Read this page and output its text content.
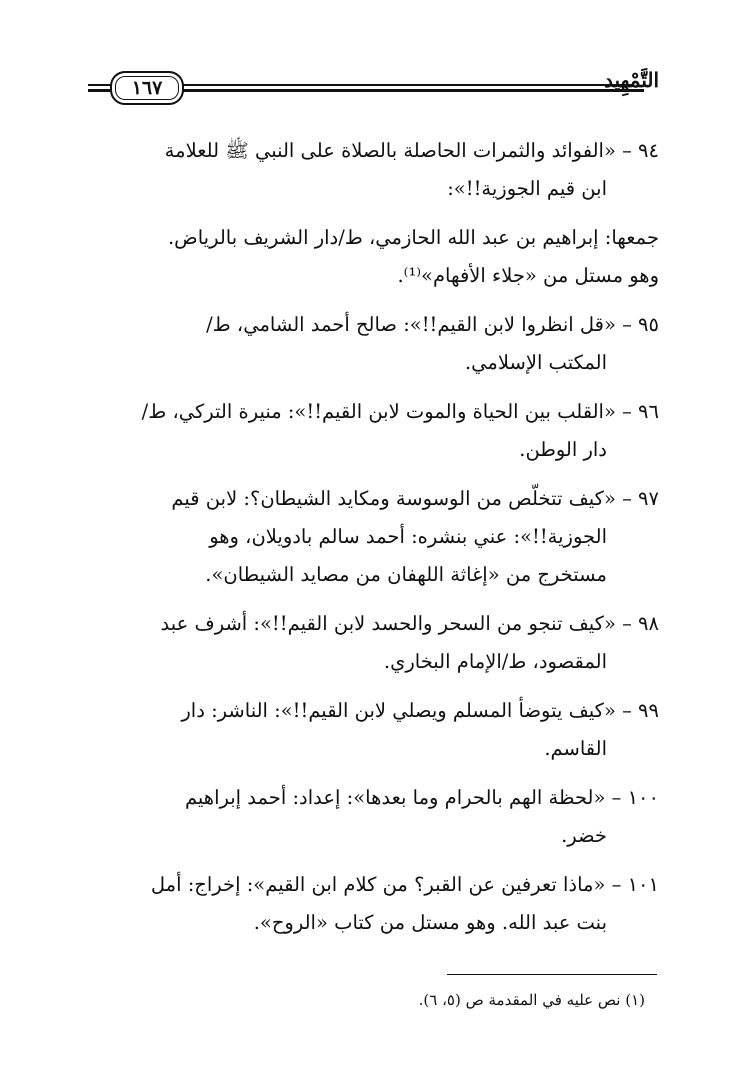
التَّمْهِيد
١٦٧
٩٤ – «الفوائد والثمرات الحاصلة بالصلاة على النبي ﷺ للعلامة
ابن قيم الجوزية!!»:
جمعها: إبراهيم بن عبد الله الحازمي، ط/دار الشريف بالرياض.
وهو مستل من «جلاء الأفهام»⁽¹⁾.
٩٥ – «قل انظروا لابن القيم!!»: صالح أحمد الشامي، ط/
المكتب الإسلامي.
٩٦ – «القلب بين الحياة والموت لابن القيم!!»: منيرة التركي، ط/
دار الوطن.
٩٧ – «كيف تتخلّص من الوسوسة ومكايد الشيطان؟: لابن قيم
الجوزية!!»: عني بنشره: أحمد سالم بادويلان، وهو
مستخرج من «إغاثة اللهفان من مصايد الشيطان».
٩٨ – «كيف تنجو من السحر والحسد لابن القيم!!»: أشرف عبد
المقصود، ط/الإمام البخاري.
٩٩ – «كيف يتوضأ المسلم ويصلي لابن القيم!!»: الناشر: دار
القاسم.
١٠٠ – «لحظة الهم بالحرام وما بعدها»: إعداد: أحمد إبراهيم
خضر.
١٠١ – «ماذا تعرفين عن القبر؟ من كلام ابن القيم»: إخراج: أمل
بنت عبد الله. وهو مستل من كتاب «الروح».
(١) نص عليه في المقدمة ص (٥، ٦).
